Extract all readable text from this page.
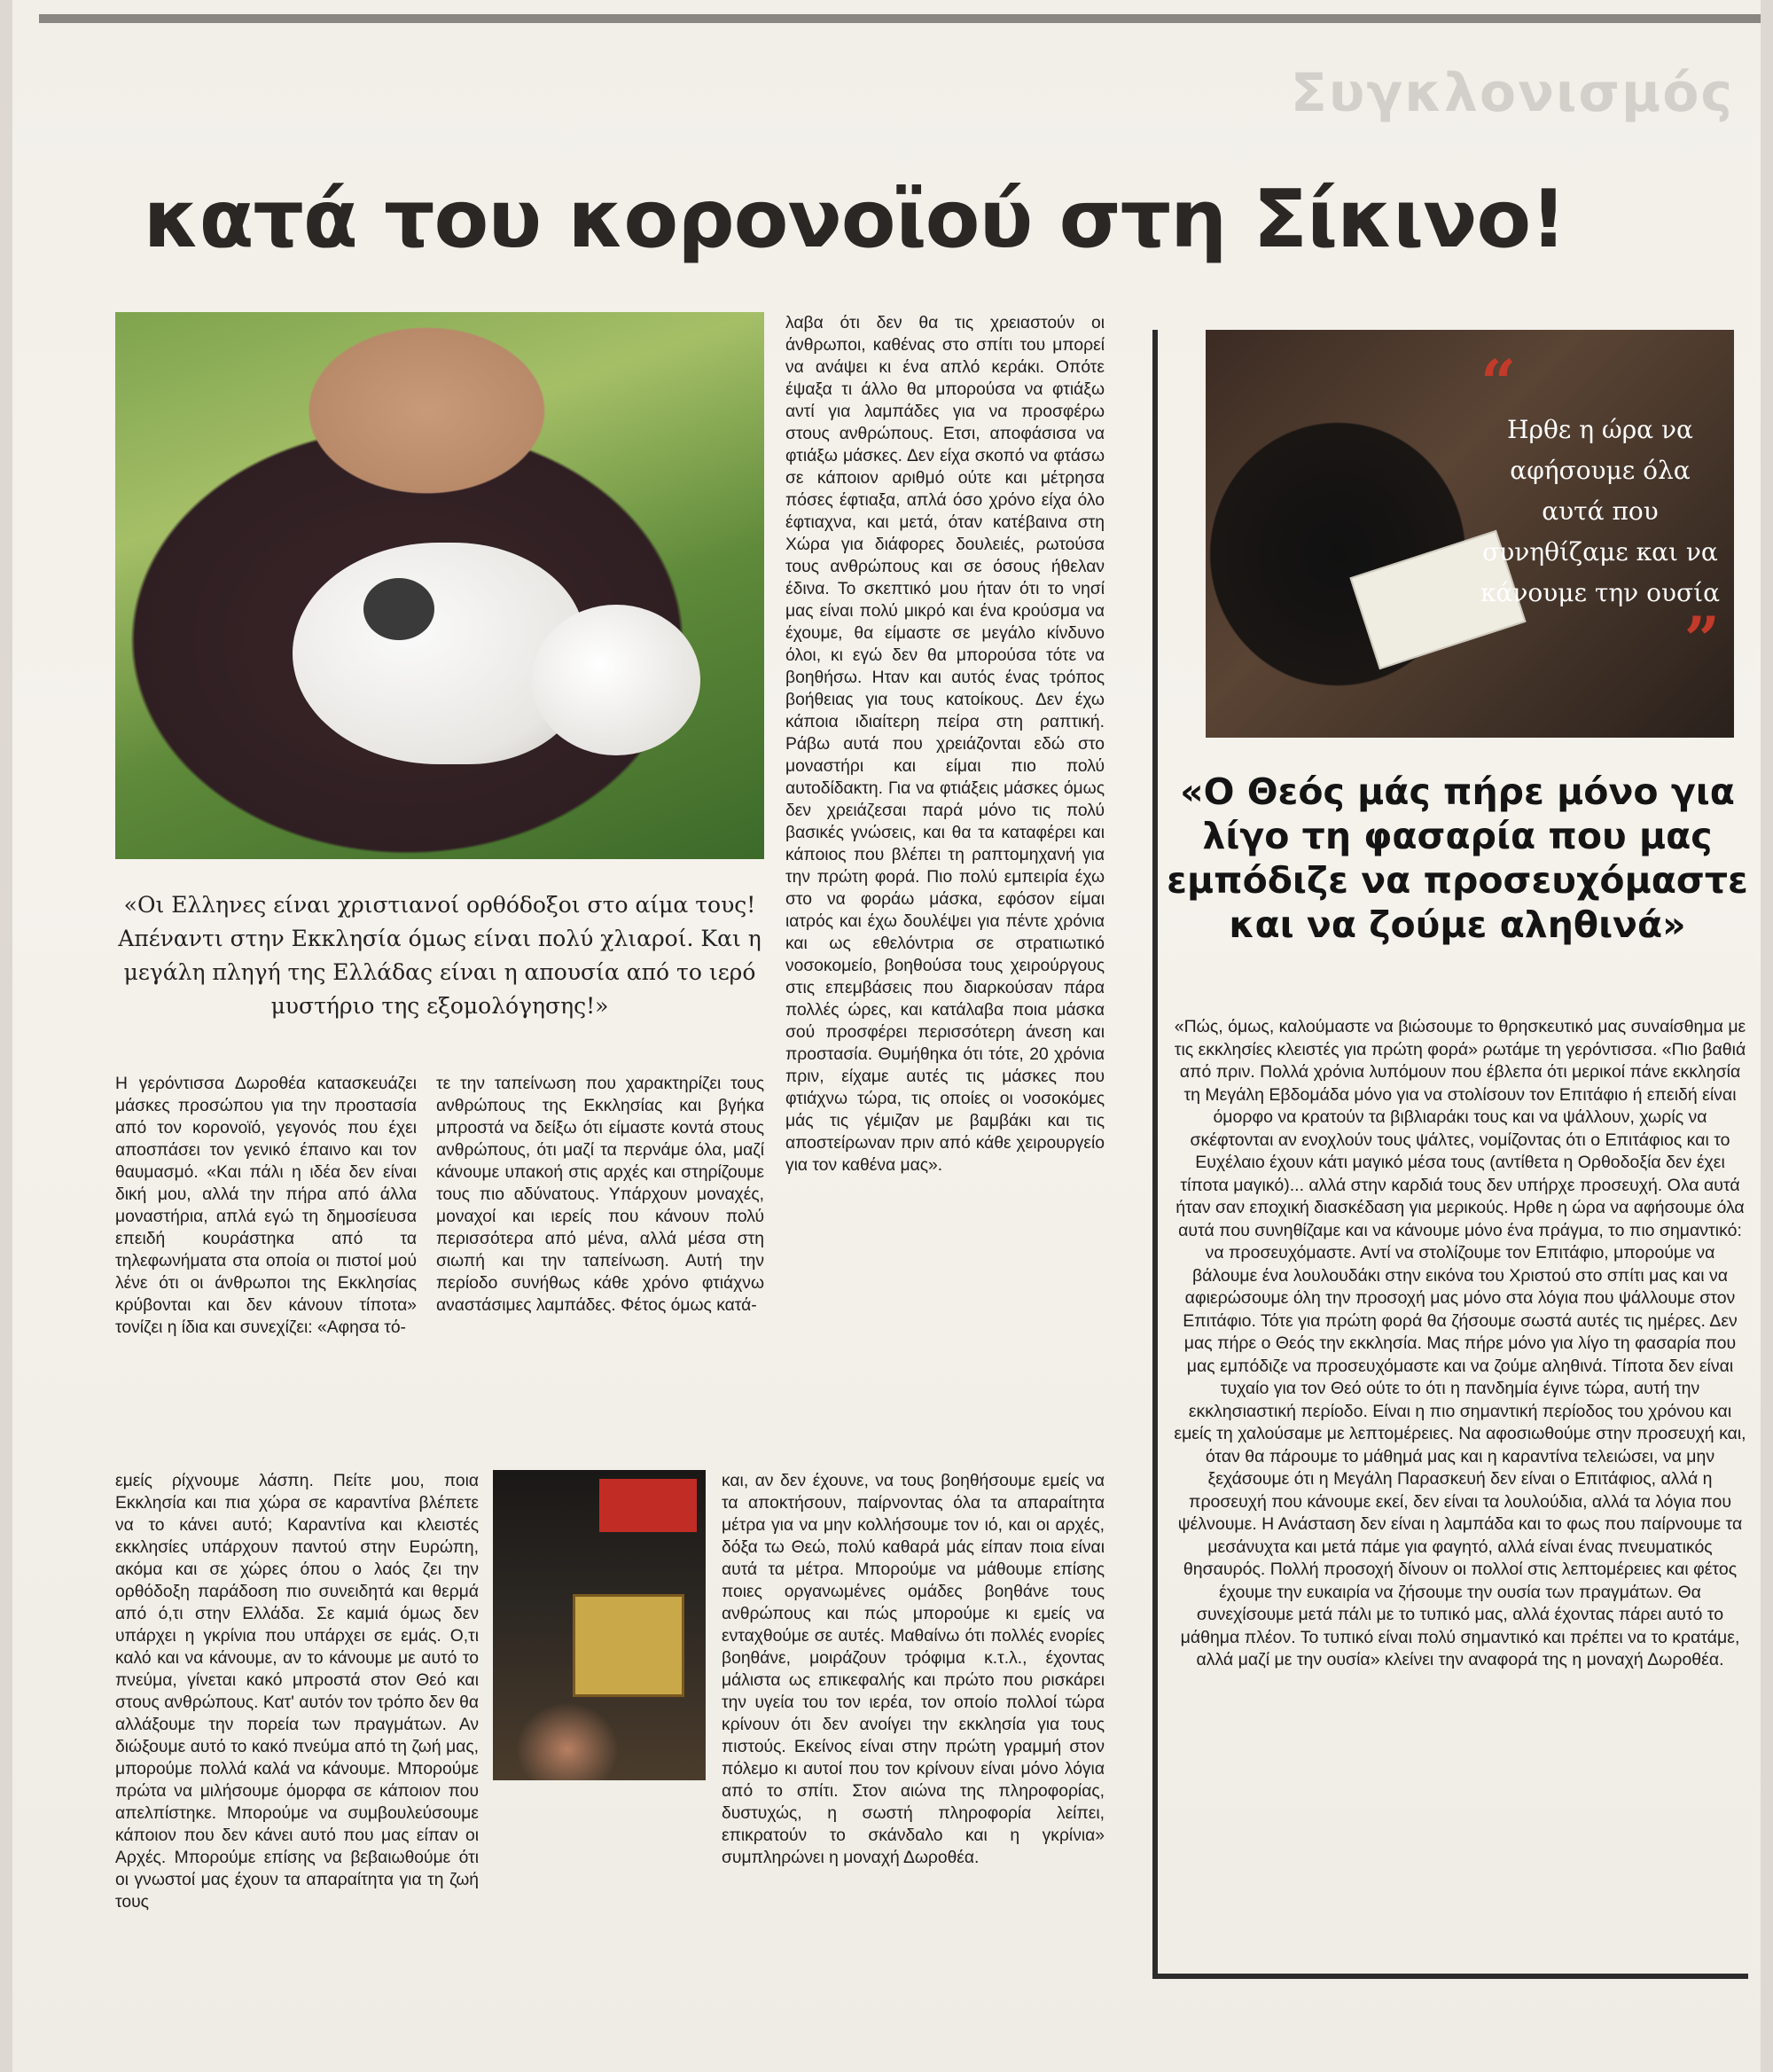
Συγκλονισμός
κατά του κορονοϊού στη Σίκινο!
«Οι Ελληνες είναι χριστιανοί ορθόδοξοι στο αίμα τους! Απέναντι στην Εκκλησία όμως είναι πολύ χλιαροί. Και η μεγάλη πληγή της Ελλάδας είναι η απουσία από το ιερό μυστήριο της εξομολόγησης!»
Η γερόντισσα Δωροθέα κατασκευάζει μάσκες προσώπου για την προστασία από τον κορονοϊό, γεγονός που έχει αποσπάσει τον γενικό έπαινο και τον θαυμασμό. «Και πάλι η ιδέα δεν είναι δική μου, αλλά την πήρα από άλλα μοναστήρια, απλά εγώ τη δημοσίευσα επειδή κουράστηκα από τα τηλεφωνήματα στα οποία οι πιστοί μού λένε ότι οι άνθρωποι της Εκκλησίας κρύβονται και δεν κάνουν τίποτα» τονίζει η ίδια και συνεχίζει: «Αφησα τό-
τε την ταπείνωση που χαρακτηρίζει τους ανθρώπους της Εκκλησίας και βγήκα μπροστά να δείξω ότι είμαστε κοντά στους ανθρώπους, ότι μαζί τα περνάμε όλα, μαζί κάνουμε υπακοή στις αρχές και στηρίζουμε τους πιο αδύνατους. Υπάρχουν μοναχές, μοναχοί και ιερείς που κάνουν πολύ περισσότερα από μένα, αλλά μέσα στη σιωπή και την ταπείνωση. Αυτή την περίοδο συνήθως κάθε χρόνο φτιάχνω αναστάσιμες λαμπάδες. Φέτος όμως κατά-
λαβα ότι δεν θα τις χρειαστούν οι άνθρωποι, καθένας στο σπίτι του μπορεί να ανάψει κι ένα απλό κεράκι. Οπότε έψαξα τι άλλο θα μπορούσα να φτιάξω αντί για λαμπάδες για να προσφέρω στους ανθρώπους. Ετσι, αποφάσισα να φτιάξω μάσκες. Δεν είχα σκοπό να φτάσω σε κάποιον αριθμό ούτε και μέτρησα πόσες έφτιαξα, απλά όσο χρόνο είχα όλο έφτιαχνα, και μετά, όταν κατέβαινα στη Χώρα για διάφορες δουλειές, ρωτούσα τους ανθρώπους και σε όσους ήθελαν έδινα. Το σκεπτικό μου ήταν ότι το νησί μας είναι πολύ μικρό και ένα κρούσμα να έχουμε, θα είμαστε σε μεγάλο κίνδυνο όλοι, κι εγώ δεν θα μπορούσα τότε να βοηθήσω. Ηταν και αυτός ένας τρόπος βοήθειας για τους κατοίκους. Δεν έχω κάποια ιδιαίτερη πείρα στη ραπτική. Ράβω αυτά που χρειάζονται εδώ στο μοναστήρι και είμαι πιο πολύ αυτοδίδακτη. Για να φτιάξεις μάσκες όμως δεν χρειάζεσαι παρά μόνο τις πολύ βασικές γνώσεις, και θα τα καταφέρει και κάποιος που βλέπει τη ραπτομηχανή για την πρώτη φορά. Πιο πολύ εμπειρία έχω στο να φοράω μάσκα, εφόσον είμαι ιατρός και έχω δουλέψει για πέντε χρόνια και ως εθελόντρια σε στρατιωτικό νοσοκομείο, βοηθούσα τους χειρούργους στις επεμβάσεις που διαρκούσαν πάρα πολλές ώρες, και κατάλαβα ποια μάσκα σού προσφέρει περισσότερη άνεση και προστασία. Θυμήθηκα ότι τότε, 20 χρόνια πριν, είχαμε αυτές τις μάσκες που φτιάχνω τώρα, τις οποίες οι νοσοκόμες μάς τις γέμιζαν με βαμβάκι και τις αποστείρωναν πριν από κάθε χειρουργείο για τον καθένα μας».
“
Ηρθε η ώρα να αφήσουμε όλα αυτά που συνηθίζαμε και να κάνουμε την ουσία
”
«Ο Θεός μάς πήρε μόνο για λίγο τη φασαρία που μας εμπόδιζε να προσευχόμαστε και να ζούμε αληθινά»
«Πώς, όμως, καλούμαστε να βιώσουμε το θρησκευτικό μας συναίσθημα με τις εκκλησίες κλειστές για πρώτη φορά» ρωτάμε τη γερόντισσα. «Πιο βαθιά από πριν. Πολλά χρόνια λυπόμουν που έβλεπα ότι μερικοί πάνε εκκλησία τη Μεγάλη Εβδομάδα μόνο για να στολίσουν τον Επιτάφιο ή επειδή είναι όμορφο να κρατούν τα βιβλιαράκι τους και να ψάλλουν, χωρίς να σκέφτονται αν ενοχλούν τους ψάλτες, νομίζοντας ότι ο Επιτάφιος και το Ευχέλαιο έχουν κάτι μαγικό μέσα τους (αντίθετα η Ορθοδοξία δεν έχει τίποτα μαγικό)... αλλά στην καρδιά τους δεν υπήρχε προσευχή. Ολα αυτά ήταν σαν εποχική διασκέδαση για μερικούς. Ηρθε η ώρα να αφήσουμε όλα αυτά που συνηθίζαμε και να κάνουμε μόνο ένα πράγμα, το πιο σημαντικό: να προσευχόμαστε. Αντί να στολίζουμε τον Επιτάφιο, μπορούμε να βάλουμε ένα λουλουδάκι στην εικόνα του Χριστού στο σπίτι μας και να αφιερώσουμε όλη την προσοχή μας μόνο στα λόγια που ψάλλουμε στον Επιτάφιο. Τότε για πρώτη φορά θα ζήσουμε σωστά αυτές τις ημέρες. Δεν μας πήρε ο Θεός την εκκλησία. Μας πήρε μόνο για λίγο τη φασαρία που μας εμπόδιζε να προσευχόμαστε και να ζούμε αληθινά. Τίποτα δεν είναι τυχαίο για τον Θεό ούτε το ότι η πανδημία έγινε τώρα, αυτή την εκκλησιαστική περίοδο. Είναι η πιο σημαντική περίοδος του χρόνου και εμείς τη χαλούσαμε με λεπτομέρειες. Να αφοσιωθούμε στην προσευχή και, όταν θα πάρουμε το μάθημά μας και η καραντίνα τελειώσει, να μην ξεχάσουμε ότι η Μεγάλη Παρασκευή δεν είναι ο Επιτάφιος, αλλά η προσευχή που κάνουμε εκεί, δεν είναι τα λουλούδια, αλλά τα λόγια που ψέλνουμε. Η Ανάσταση δεν είναι η λαμπάδα και το φως που παίρνουμε τα μεσάνυχτα και μετά πάμε για φαγητό, αλλά είναι ένας πνευματικός θησαυρός. Πολλή προσοχή δίνουν οι πολλοί στις λεπτομέρειες και φέτος έχουμε την ευκαιρία να ζήσουμε την ουσία των πραγμάτων. Θα συνεχίσουμε μετά πάλι με το τυπικό μας, αλλά έχοντας πάρει αυτό το μάθημα πλέον. Το τυπικό είναι πολύ σημαντικό και πρέπει να το κρατάμε, αλλά μαζί με την ουσία» κλείνει την αναφορά της η μοναχή Δωροθέα.
εμείς ρίχνουμε λάσπη. Πείτε μου, ποια Εκκλησία και πια χώρα σε καραντίνα βλέπετε να το κάνει αυτό; Καραντίνα και κλειστές εκκλησίες υπάρχουν παντού στην Ευρώπη, ακόμα και σε χώρες όπου ο λαός ζει την ορθόδοξη παράδοση πιο συνειδητά και θερμά από ό,τι στην Ελλάδα. Σε καμιά όμως δεν υπάρχει η γκρίνια που υπάρχει σε εμάς. Ο,τι καλό και να κάνουμε, αν το κάνουμε με αυτό το πνεύμα, γίνεται κακό μπροστά στον Θεό και στους ανθρώπους. Κατ' αυτόν τον τρόπο δεν θα αλλάξουμε την πορεία των πραγμάτων. Αν διώξουμε αυτό το κακό πνεύμα από τη ζωή μας, μπορούμε πολλά καλά να κάνουμε. Μπορούμε πρώτα να μιλήσουμε όμορφα σε κάποιον που απελπίστηκε. Μπορούμε να συμβουλεύσουμε κάποιον που δεν κάνει αυτό που μας είπαν οι Αρχές. Μπορούμε επίσης να βεβαιωθούμε ότι οι γνωστοί μας έχουν τα απαραίτητα για τη ζωή τους
και, αν δεν έχουνε, να τους βοηθήσουμε εμείς να τα αποκτήσουν, παίρνοντας όλα τα απαραίτητα μέτρα για να μην κολλήσουμε τον ιό, και οι αρχές, δόξα τω Θεώ, πολύ καθαρά μάς είπαν ποια είναι αυτά τα μέτρα. Μπορούμε να μάθουμε επίσης ποιες οργανωμένες ομάδες βοηθάνε τους ανθρώπους και πώς μπορούμε κι εμείς να ενταχθούμε σε αυτές. Μαθαίνω ότι πολλές ενορίες βοηθάνε, μοιράζουν τρόφιμα κ.τ.λ., έχοντας μάλιστα ως επικεφαλής και πρώτο που ρισκάρει την υγεία του τον ιερέα, τον οποίο πολλοί τώρα κρίνουν ότι δεν ανοίγει την εκκλησία για τους πιστούς. Εκείνος είναι στην πρώτη γραμμή στον πόλεμο κι αυτοί που τον κρίνουν είναι μόνο λόγια από το σπίτι. Στον αιώνα της πληροφορίας, δυστυχώς, η σωστή πληροφορία λείπει, επικρατούν το σκάνδαλο και η γκρίνια» συμπληρώνει η μοναχή Δωροθέα.
